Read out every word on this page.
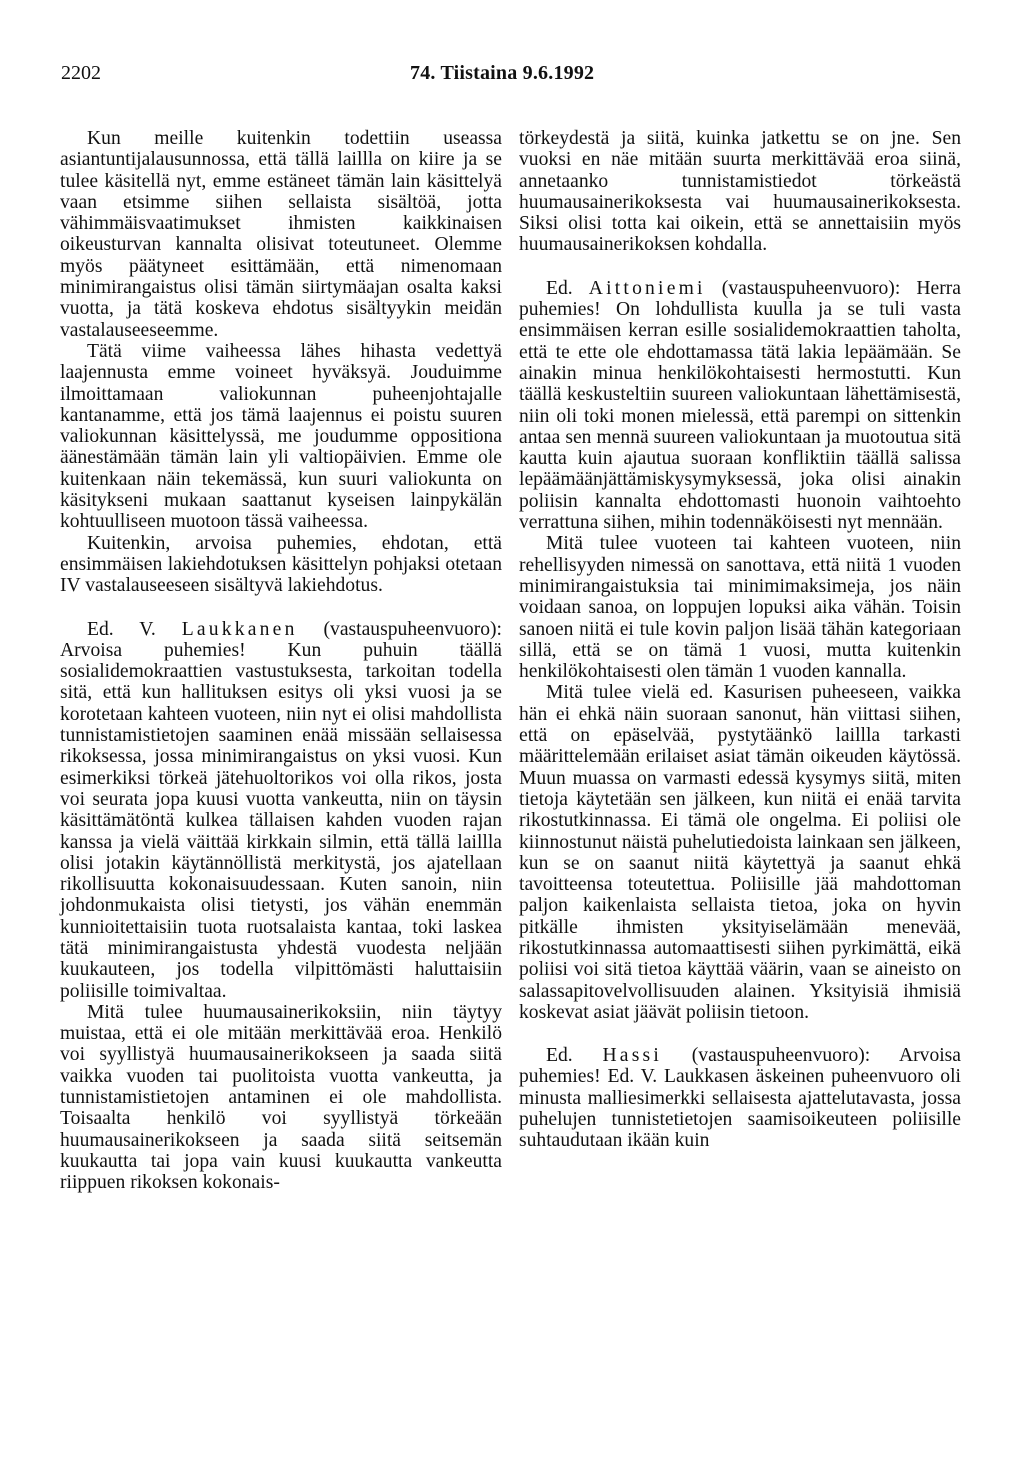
2202	74. Tiistaina 9.6.1992

Kun meille kuitenkin todettiin useassa asiantuntijalausunnossa, että tällä laillla on kiire ja se tulee käsitellä nyt, emme estäneet tämän lain käsittelyä vaan etsimme siihen sellaista sisältöä, jotta vähimmäisvaatimukset ihmisten kaikkinaisen oikeusturvan kannalta olisivat toteutuneet. Olemme myös päätyneet esittämään, että nimenomaan minimirangaistus olisi tämän siirtymäajan osalta kaksi vuotta, ja tätä koskeva ehdotus sisältyykin meidän vastalauseeseemme.

Tätä viime vaiheessa lähes hihasta vedettyä laajennusta emme voineet hyväksyä. Jouduimme ilmoittamaan valiokunnan puheenjohtajalle kantanamme, että jos tämä laajennus ei poistu suuren valiokunnan käsittelyssä, me joudumme oppositiona äänestämään tämän lain yli valtiopäivien. Emme ole kuitenkaan näin tekemässä, kun suuri valiokunta on käsitykseni mukaan saattanut kyseisen lainpykälän kohtuulliseen muotoon tässä vaiheessa.

Kuitenkin, arvoisa puhemies, ehdotan, että ensimmäisen lakiehdotuksen käsittelyn pohjaksi otetaan IV vastalauseeseen sisältyvä lakiehdotus.

Ed. V. Laukkanen (vastauspuheenvuoro): Arvoisa puhemies! Kun puhuin täällä sosialidemokraattien vastustuksesta, tarkoitan todella sitä, että kun hallituksen esitys oli yksi vuosi ja se korotetaan kahteen vuoteen, niin nyt ei olisi mahdollista tunnistamistietojen saaminen enää missään sellaisessa rikoksessa, jossa minimirangaistus on yksi vuosi. Kun esimerkiksi törkeä jätehuoltorikos voi olla rikos, josta voi seurata jopa kuusi vuotta vankeutta, niin on täysin käsittämätöntä kulkea tällaisen kahden vuoden rajan kanssa ja vielä väittää kirkkain silmin, että tällä laillla olisi jotakin käytännöllistä merkitystä, jos ajatellaan rikollisuutta kokonaisuudessaan. Kuten sanoin, niin johdonmukaista olisi tietysti, jos vähän enemmän kunnioitettaisiin tuota ruotsalaista kantaa, toki laskea tätä minimirangaistusta yhdestä vuodesta neljään kuukauteen, jos todella vilpittömästi haluttaisiin poliisille toimivaltaa.

Mitä tulee huumausainerikoksiin, niin täytyy muistaa, että ei ole mitään merkittävää eroa. Henkilö voi syyllistyä huumausainerikokseen ja saada siitä vaikka vuoden tai puolitoista vuotta vankeutta, ja tunnistamistietojen antaminen ei ole mahdollista. Toisaalta henkilö voi syyllistyä törkeään huumausainerikokseen ja saada siitä seitsemän kuukautta tai jopa vain kuusi kuukautta vankeutta riippuen rikoksen kokonais-

törkeydestä ja siitä, kuinka jatkettu se on jne. Sen vuoksi en näe mitään suurta merkittävää eroa siinä, annetaanko tunnistamistiedot törkeästä huumausainerikoksesta vai huumausainerikoksesta. Siksi olisi totta kai oikein, että se annettaisiin myös huumausainerikoksen kohdalla.

Ed. Aittoniemi (vastauspuheenvuoro): Herra puhemies! On lohdullista kuulla ja se tuli vasta ensimmäisen kerran esille sosialidemokraattien taholta, että te ette ole ehdottamassa tätä lakia lepäämään. Se ainakin minua henkilökohtaisesti hermostutti. Kun täällä keskusteltiin suureen valiokuntaan lähettämisestä, niin oli toki monen mielessä, että parempi on sittenkin antaa sen mennä suureen valiokuntaan ja muotoutua sitä kautta kuin ajautua suoraan konfliktiin täällä salissa lepäämäänjättämiskysymyksessä, joka olisi ainakin poliisin kannalta ehdottomasti huonoin vaihtoehto verrattuna siihen, mihin todennäköisesti nyt mennään.

Mitä tulee vuoteen tai kahteen vuoteen, niin rehellisyyden nimessä on sanottava, että niitä 1 vuoden minimirangaistuksia tai minimimaksimeja, jos näin voidaan sanoa, on loppujen lopuksi aika vähän. Toisin sanoen niitä ei tule kovin paljon lisää tähän kategoriaan sillä, että se on tämä 1 vuosi, mutta kuitenkin henkilökohtaisesti olen tämän 1 vuoden kannalla.

Mitä tulee vielä ed. Kasurisen puheeseen, vaikka hän ei ehkä näin suoraan sanonut, hän viittasi siihen, että on epäselvää, pystytäänkö laillla tarkasti määrittelemään erilaiset asiat tämän oikeuden käytössä. Muun muassa on varmasti edessä kysymys siitä, miten tietoja käytetään sen jälkeen, kun niitä ei enää tarvita rikostutkinnassa. Ei tämä ole ongelma. Ei poliisi ole kiinnostunut näistä puhelutiedoista lainkaan sen jälkeen, kun se on saanut niitä käytettyä ja saanut ehkä tavoitteensa toteutettua. Poliisille jää mahdottoman paljon kaikenlaista sellaista tietoa, joka on hyvin pitkälle ihmisten yksityiselämään menevää, rikostutkinnassa automaattisesti siihen pyrkimättä, eikä poliisi voi sitä tietoa käyttää väärin, vaan se aineisto on salassapitovelvollisuuden alainen. Yksityisiä ihmisiä koskevat asiat jäävät poliisin tietoon.

Ed. Hassi (vastauspuheenvuoro): Arvoisa puhemies! Ed. V. Laukkasen äskeinen puheenvuoro oli minusta malliesimerkki sellaisesta ajattelutavasta, jossa puhelujen tunnistetietojen saamisoikeuteen poliisille suhtaudutaan ikään kuin
